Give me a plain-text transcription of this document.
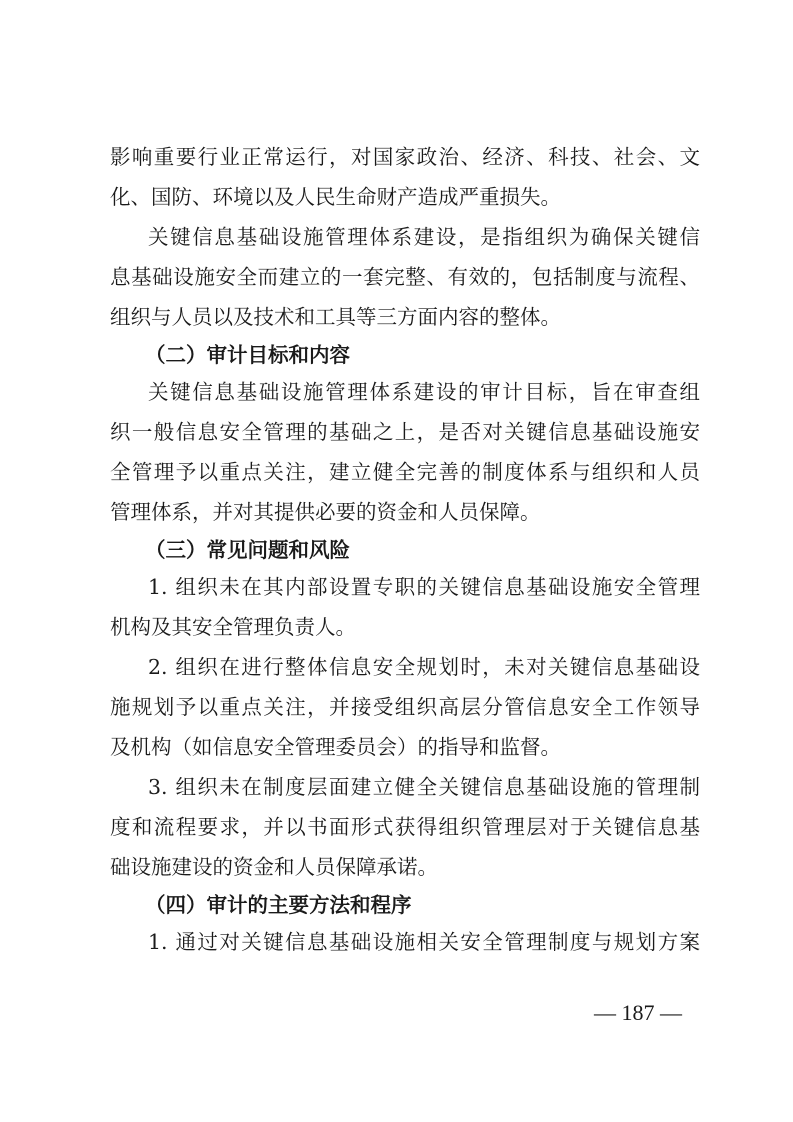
影响重要行业正常运行，对国家政治、经济、科技、社会、文
化、国防、环境以及人民生命财产造成严重损失。
关键信息基础设施管理体系建设，是指组织为确保关键信
息基础设施安全而建立的一套完整、有效的，包括制度与流程、
组织与人员以及技术和工具等三方面内容的整体。
（二）审计目标和内容
关键信息基础设施管理体系建设的审计目标，旨在审查组
织一般信息安全管理的基础之上，是否对关键信息基础设施安
全管理予以重点关注，建立健全完善的制度体系与组织和人员
管理体系，并对其提供必要的资金和人员保障。
（三）常见问题和风险
1. 组织未在其内部设置专职的关键信息基础设施安全管理
机构及其安全管理负责人。
2. 组织在进行整体信息安全规划时，未对关键信息基础设
施规划予以重点关注，并接受组织高层分管信息安全工作领导
及机构（如信息安全管理委员会）的指导和监督。
3. 组织未在制度层面建立健全关键信息基础设施的管理制
度和流程要求，并以书面形式获得组织管理层对于关键信息基
础设施建设的资金和人员保障承诺。
（四）审计的主要方法和程序
1. 通过对关键信息基础设施相关安全管理制度与规划方案
— 187 —
